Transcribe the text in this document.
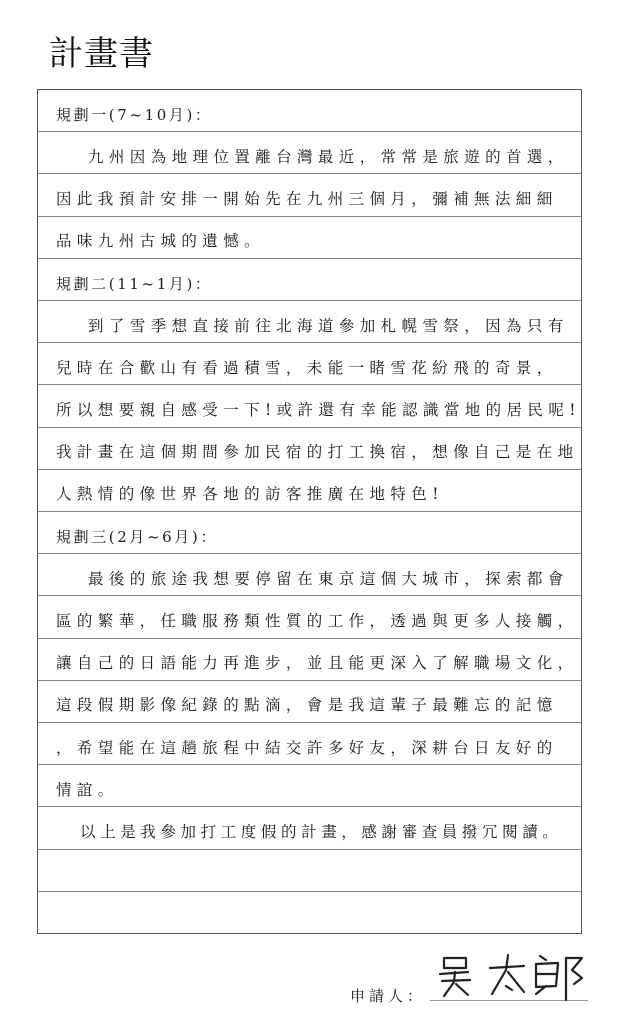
計畫書
規劃一(7~10月)：
九州因為地理位置離台灣最近，常常是旅遊的首選，
因此我預計安排一開始先在九州三個月，彌補無法細細
品味九州古城的遺憾。
規劃二(11~1月)：
到了雪季想直接前往北海道參加札幌雪祭，因為只有
兒時在合歡山有看過積雪，未能一睹雪花紛飛的奇景，
所以想要親自感受一下!或許還有幸能認識當地的居民呢!
我計畫在這個期間參加民宿的打工換宿，想像自己是在地
人熱情的像世界各地的訪客推廣在地特色!
規劃三(2月~6月)：
最後的旅途我想要停留在東京這個大城市，探索都會
區的繁華，任職服務類性質的工作，透過與更多人接觸，
讓自己的日語能力再進步，並且能更深入了解職場文化，
這段假期影像紀錄的點滴，會是我這輩子最難忘的記憶
，希望能在這趟旅程中結交許多好友，深耕台日友好的
情誼。
以上是我參加打工度假的計畫，感謝審查員撥冗閱讀。
申請人：
